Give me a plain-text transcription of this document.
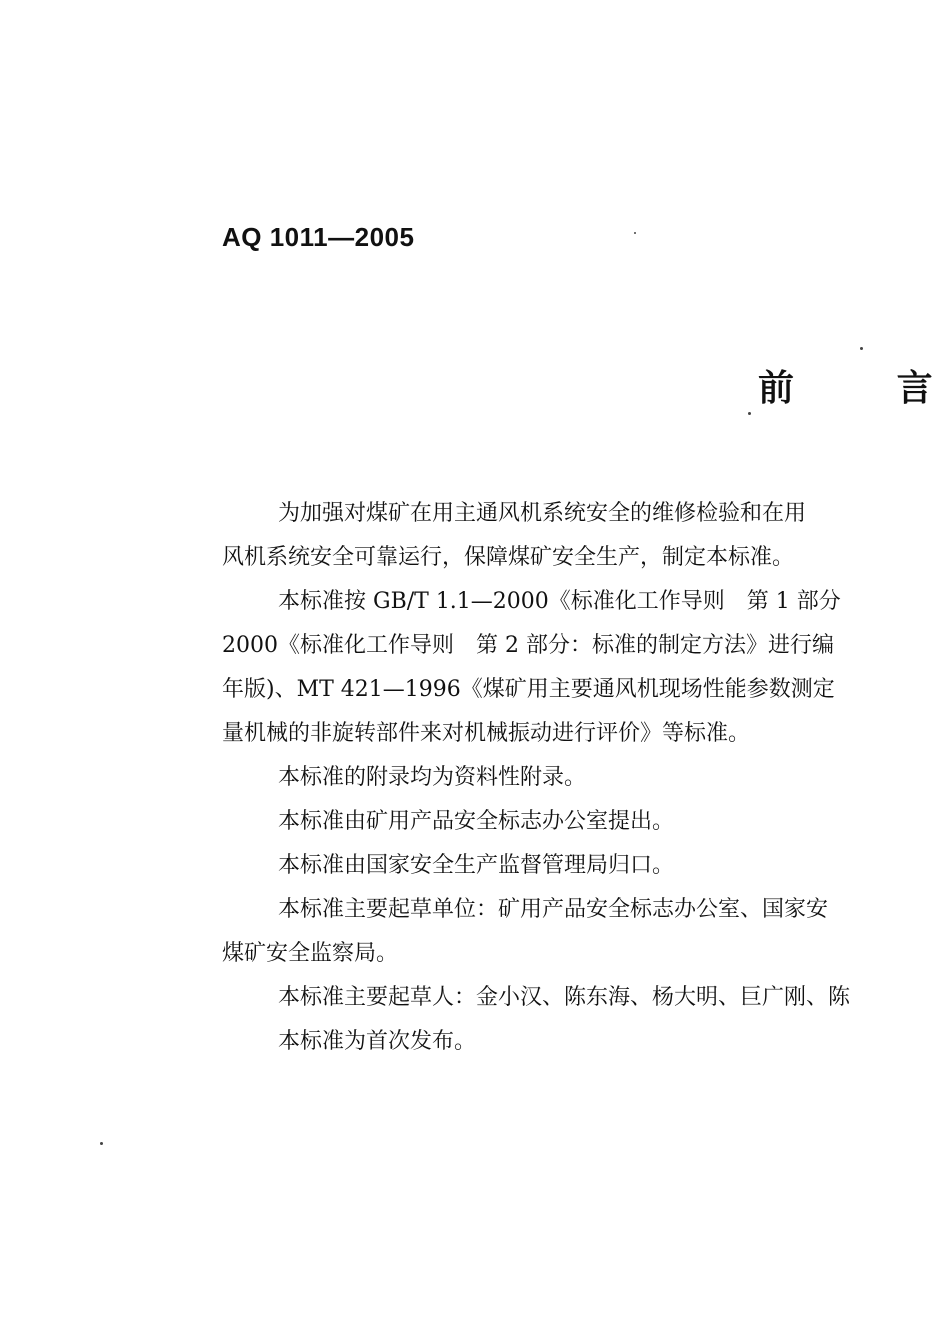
AQ 1011—2005
前	言
为加强对煤矿在用主通风机系统安全的维修检验和在用
风机系统安全可靠运行，保障煤矿安全生产，制定本标准。
本标准按 GB/T 1.1—2000《标准化工作导则　第 1 部分
2000《标准化工作导则　第 2 部分：标准的制定方法》进行编
年版)、MT 421—1996《煤矿用主要通风机现场性能参数测定
量机械的非旋转部件来对机械振动进行评价》等标准。
本标准的附录均为资料性附录。
本标准由矿用产品安全标志办公室提出。
本标准由国家安全生产监督管理局归口。
本标准主要起草单位：矿用产品安全标志办公室、国家安
煤矿安全监察局。
本标准主要起草人：金小汉、陈东海、杨大明、巨广刚、陈
本标准为首次发布。
